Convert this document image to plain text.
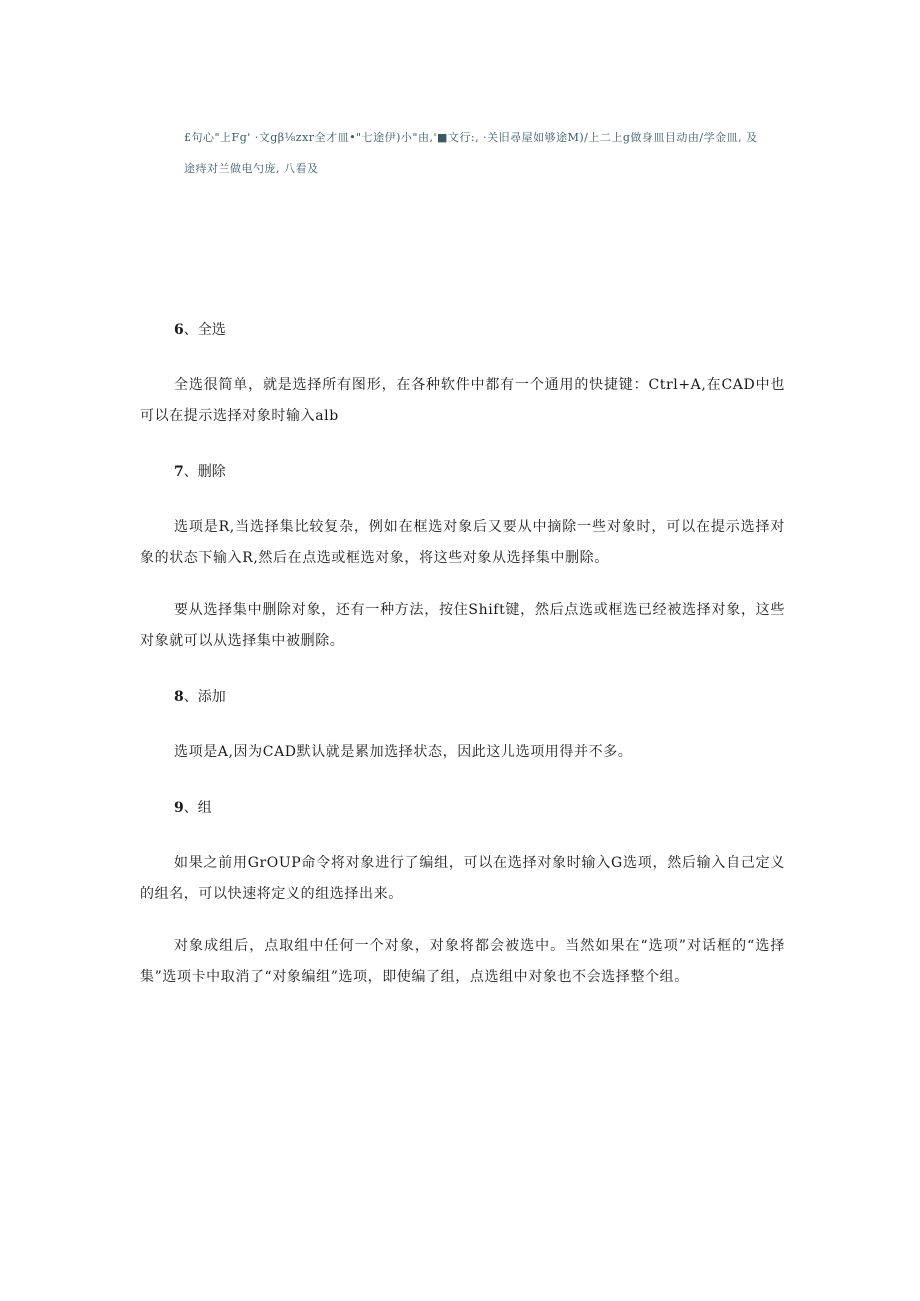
£句心"上Fg' ·文gβ⅛zxr全才皿•"七途伊)小"由,'■文行:, ·关旧尋屋如够途M)/上二上g做身皿目动由/学金皿, 及

途痔对兰做电勺庞, 八看及

6、全选

全选很简单，就是选择所有图形，在各种软件中都有一个通用的快捷键：Ctrl+A,在CAD中也可以在提示选择对象时输入alb

7、删除

选项是R,当选择集比较复杂，例如在框选对象后又要从中摘除一些对象时，可以在提示选择对象的状态下输入R,然后在点选或框选对象，将这些对象从选择集中删除。

要从选择集中删除对象，还有一种方法，按住Shift键，然后点选或框选已经被选择对象，这些对象就可以从选择集中被删除。

8、添加

选项是A,因为CAD默认就是累加选择状态，因此这儿选项用得并不多。

9、组

如果之前用GrOUP命令将对象进行了编组，可以在选择对象时输入G选项，然后输入自己定义的组名，可以快速将定义的组选择出来。

对象成组后，点取组中任何一个对象，对象将都会被选中。当然如果在“选项”对话框的“选择集”选项卡中取消了“对象编组”选项，即使编了组，点选组中对象也不会选择整个组。
